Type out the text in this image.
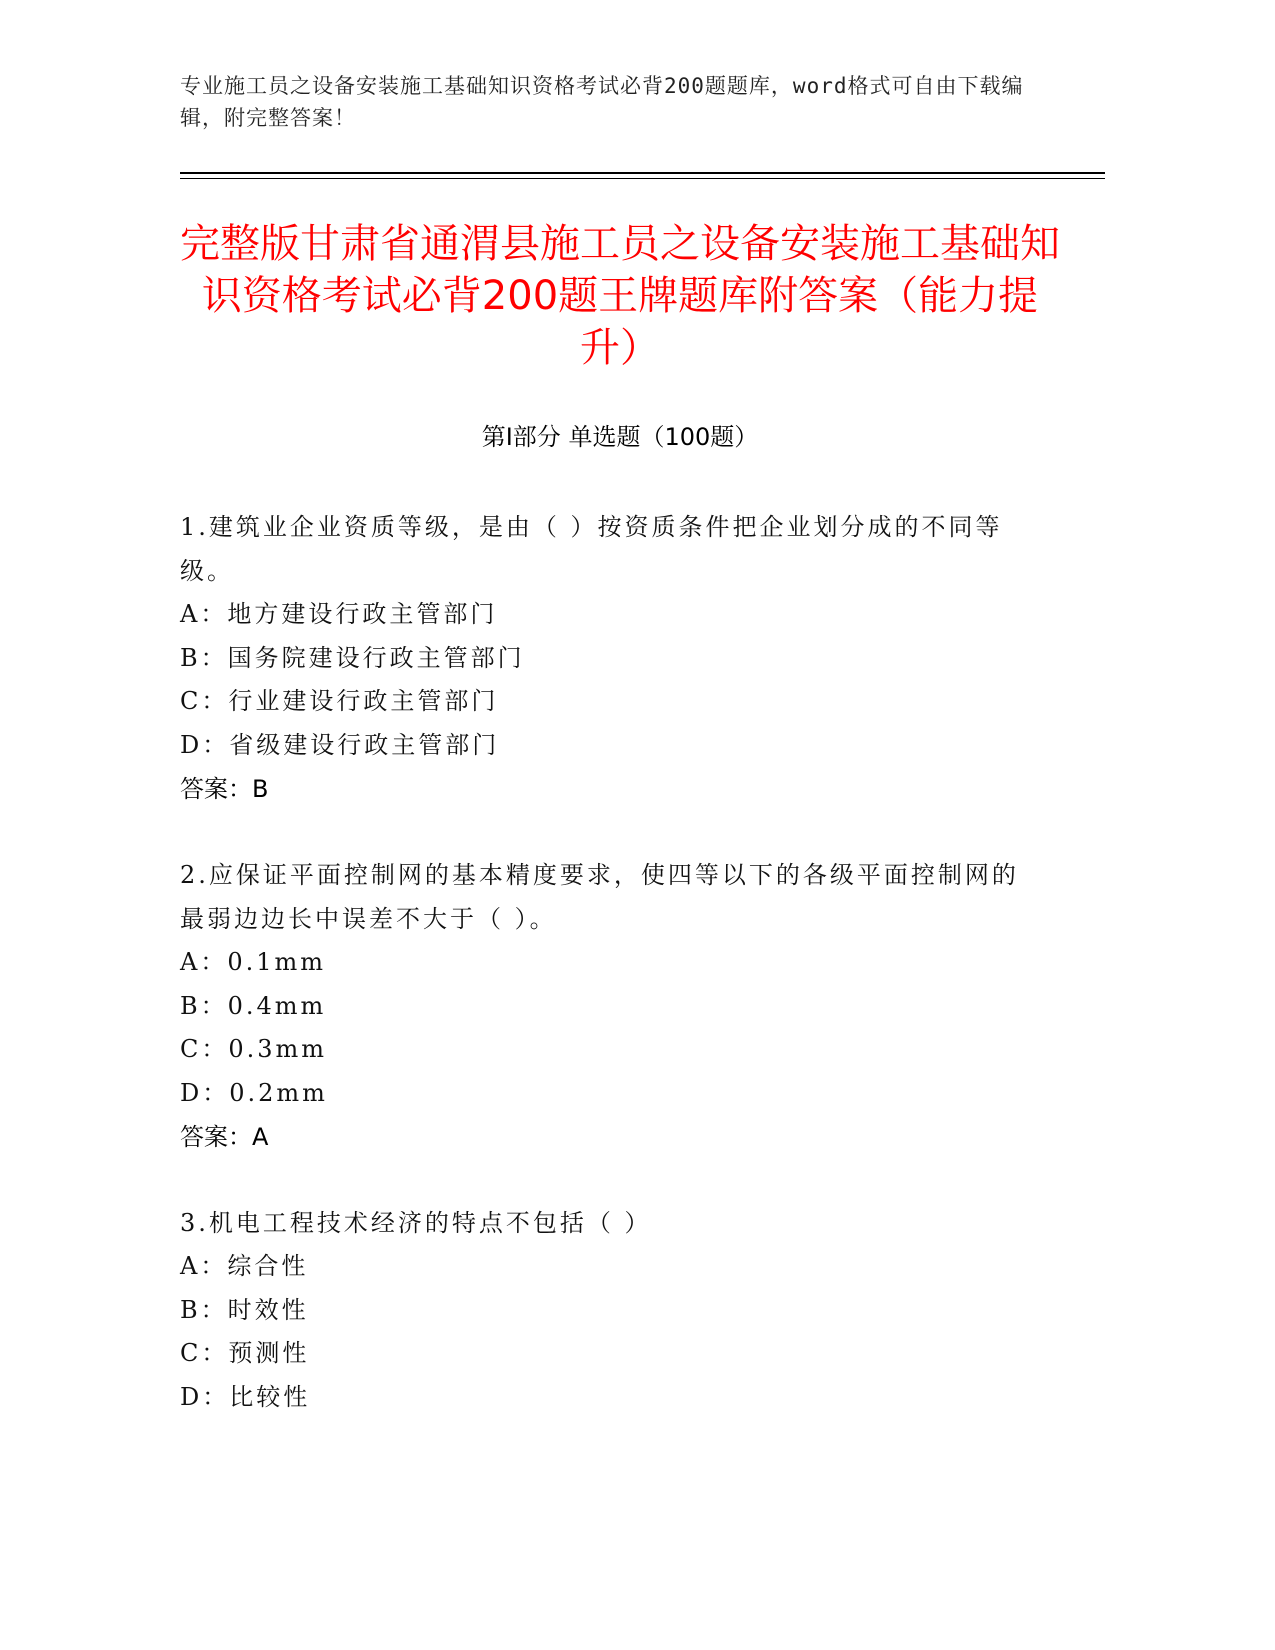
专业施工员之设备安装施工基础知识资格考试必背200题题库，word格式可自由下载编辑，附完整答案！
完整版甘肃省通渭县施工员之设备安装施工基础知识资格考试必背200题王牌题库附答案（能力提升）
第I部分 单选题（100题）
1.建筑业企业资质等级，是由（ ）按资质条件把企业划分成的不同等级。
A：地方建设行政主管部门
B：国务院建设行政主管部门
C：行业建设行政主管部门
D：省级建设行政主管部门
答案：B
2.应保证平面控制网的基本精度要求，使四等以下的各级平面控制网的最弱边边长中误差不大于（ ）。
A：0.1mm
B：0.4mm
C：0.3mm
D：0.2mm
答案：A
3.机电工程技术经济的特点不包括（ ）
A：综合性
B：时效性
C：预测性
D：比较性
